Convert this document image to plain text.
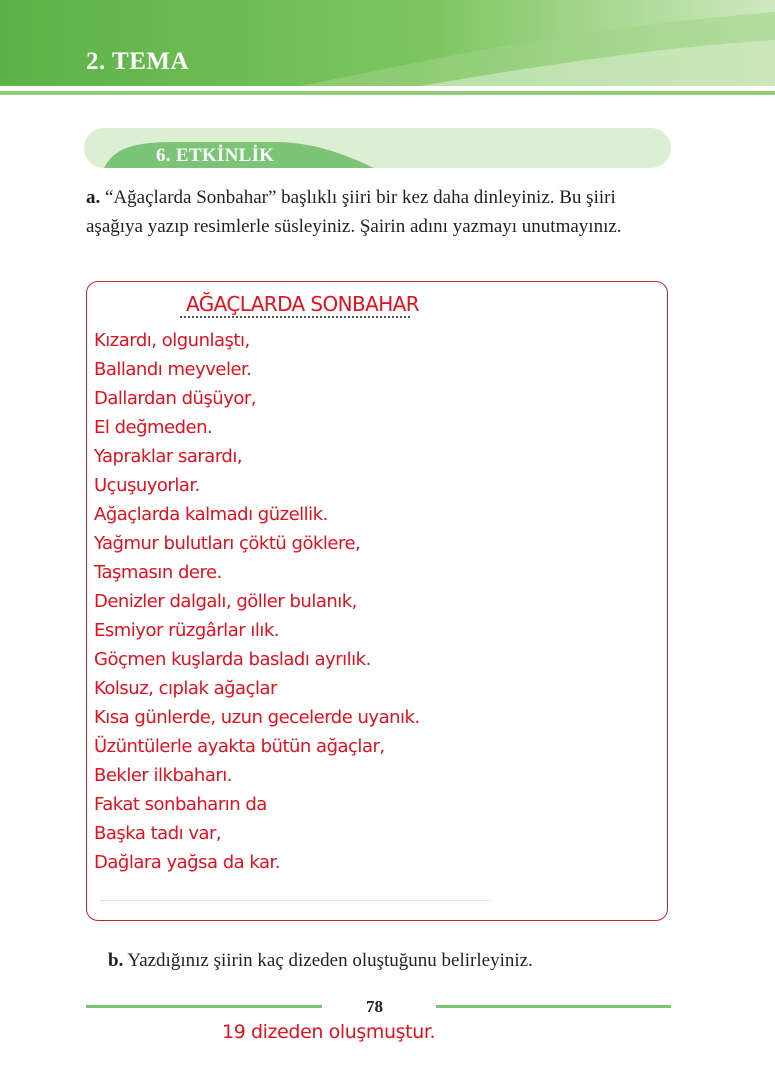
2. TEMA
6. ETKİNLİK
a. “Ağaçlarda Sonbahar” başlıklı şiiri bir kez daha dinleyiniz. Bu şiiri aşağıya yazıp resimlerle süsleyiniz. Şairin adını yazmayı unutmayınız.
AĞAÇLARDA SONBAHAR
Kızardı, olgunlaştı,
Ballandı meyveler.
Dallardan düşüyor,
El değmeden.
Yapraklar sarardı,
Uçuşuyorlar.
Ağaçlarda kalmadı güzellik.
Yağmur bulutları çöktü göklere,
Taşmasın dere.
Denizler dalgalı, göller bulanık,
Esmiyor rüzgârlar ılık.
Göçmen kuşlarda basladı ayrılık.
Kolsuz, cıplak ağaçlar
Kısa günlerde, uzun gecelerde uyanık.
Üzüntülerle ayakta bütün ağaçlar,
Bekler ilkbaharı.
Fakat sonbaharın da
Başka tadı var,
Dağlara yağsa da kar.
b. Yazdığınız şiirin kaç dizeden oluştuğunu belirleyiniz.
78
19 dizeden oluşmuştur.
